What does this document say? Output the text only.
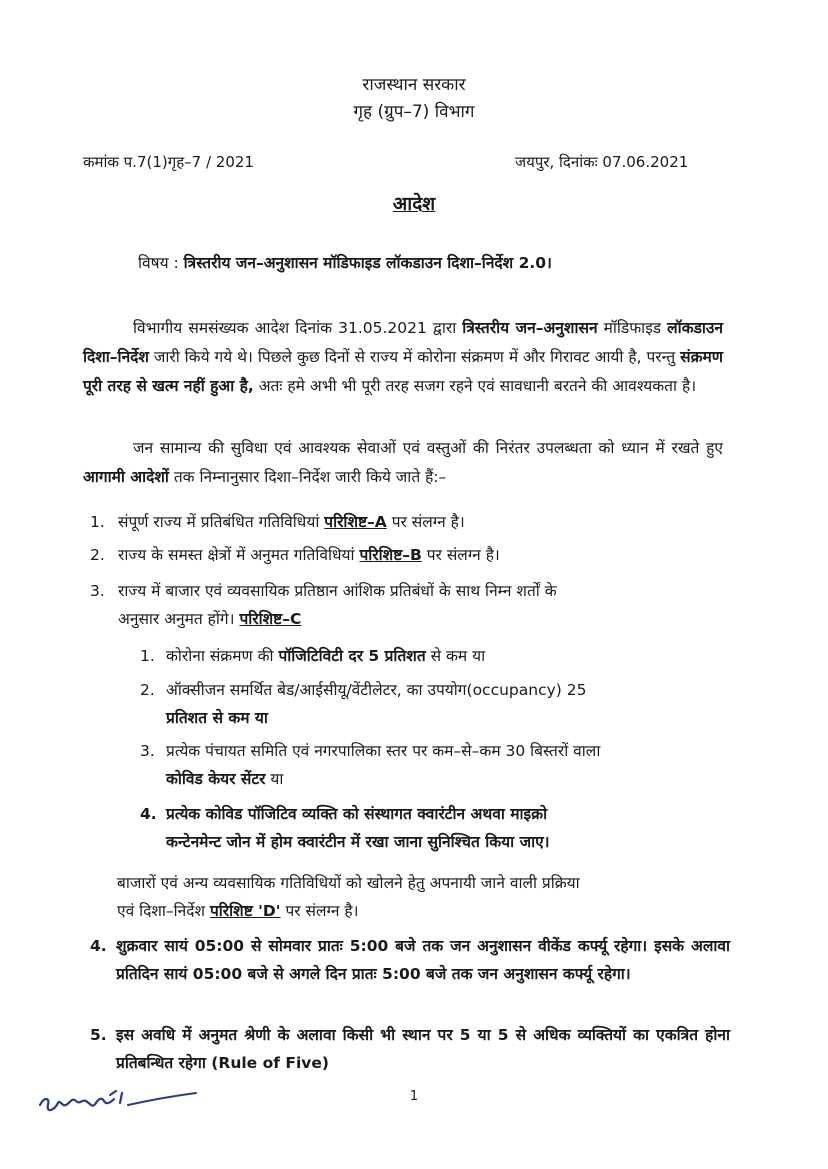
राजस्थान सरकार
गृह (ग्रुप–7) विभाग
कमांक प.7(1)गृह–7 / 2021	जयपुर, दिनांकः 07.06.2021
आदेश
विषय : त्रिस्तरीय जन–अनुशासन मॉडिफाइड लॉकडाउन दिशा–निर्देश 2.0।
विभागीय समसंख्यक आदेश दिनांक 31.05.2021 द्वारा त्रिस्तरीय जन–अनुशासन मॉडिफाइड लॉकडाउन दिशा–निर्देश जारी किये गये थे। पिछले कुछ दिनों से राज्य में कोरोना संक्रमण में और गिरावट आयी है, परन्तु संक्रमण पूरी तरह से खत्म नहीं हुआ है, अतः हमे अभी भी पूरी तरह सजग रहने एवं सावधानी बरतने की आवश्यकता है।
जन सामान्य की सुविधा एवं आवश्यक सेवाओं एवं वस्तुओं की निरंतर उपलब्धता को ध्यान में रखते हुए आगामी आदेशों तक निम्नानुसार दिशा–निर्देश जारी किये जाते हैं:–
1. संपूर्ण राज्य में प्रतिबंधित गतिविधियां परिशिष्ट–A पर संलग्न है।
2. राज्य के समस्त क्षेत्रों में अनुमत गतिविधियां परिशिष्ट–B पर संलग्न है।
3. राज्य में बाजार एवं व्यवसायिक प्रतिष्ठान आंशिक प्रतिबंधों के साथ निम्न शर्तों के
अनुसार अनुमत होंगे। परिशिष्ट–C
1. कोरोना संक्रमण की पॉजिटिविटी दर 5 प्रतिशत से कम या
2. ऑक्सीजन समर्थित बेड/आईसीयू/वेंटीलेटर, का उपयोग(occupancy) 25
प्रतिशत से कम या
3. प्रत्येक पंचायत समिति एवं नगरपालिका स्तर पर कम–से–कम 30 बिस्तरों वाला
कोविड केयर सेंटर या
4. प्रत्येक कोविड पॉजिटिव व्यक्ति को संस्थागत क्वारंटीन अथवा माइक्रो
कन्टेनमेन्ट जोन में होम क्वारंटीन में रखा जाना सुनिश्चित किया जाए।
बाजारों एवं अन्य व्यवसायिक गतिविधियों को खोलने हेतु अपनायी जाने वाली प्रक्रिया
एवं दिशा–निर्देश परिशिष्ट 'D' पर संलग्न है।
4. शुक्रवार सायं 05:00 से सोमवार प्रातः 5:00 बजे तक जन अनुशासन वीकेंड कर्फ्यू रहेगा। इसके अलावा प्रतिदिन सायं 05:00 बजे से अगले दिन प्रातः 5:00 बजे तक जन अनुशासन कर्फ्यू रहेगा।
5. इस अवधि में अनुमत श्रेणी के अलावा किसी भी स्थान पर 5 या 5 से अधिक व्यक्तियों का एकत्रित होना प्रतिबन्धित रहेगा (Rule of Five)
1
